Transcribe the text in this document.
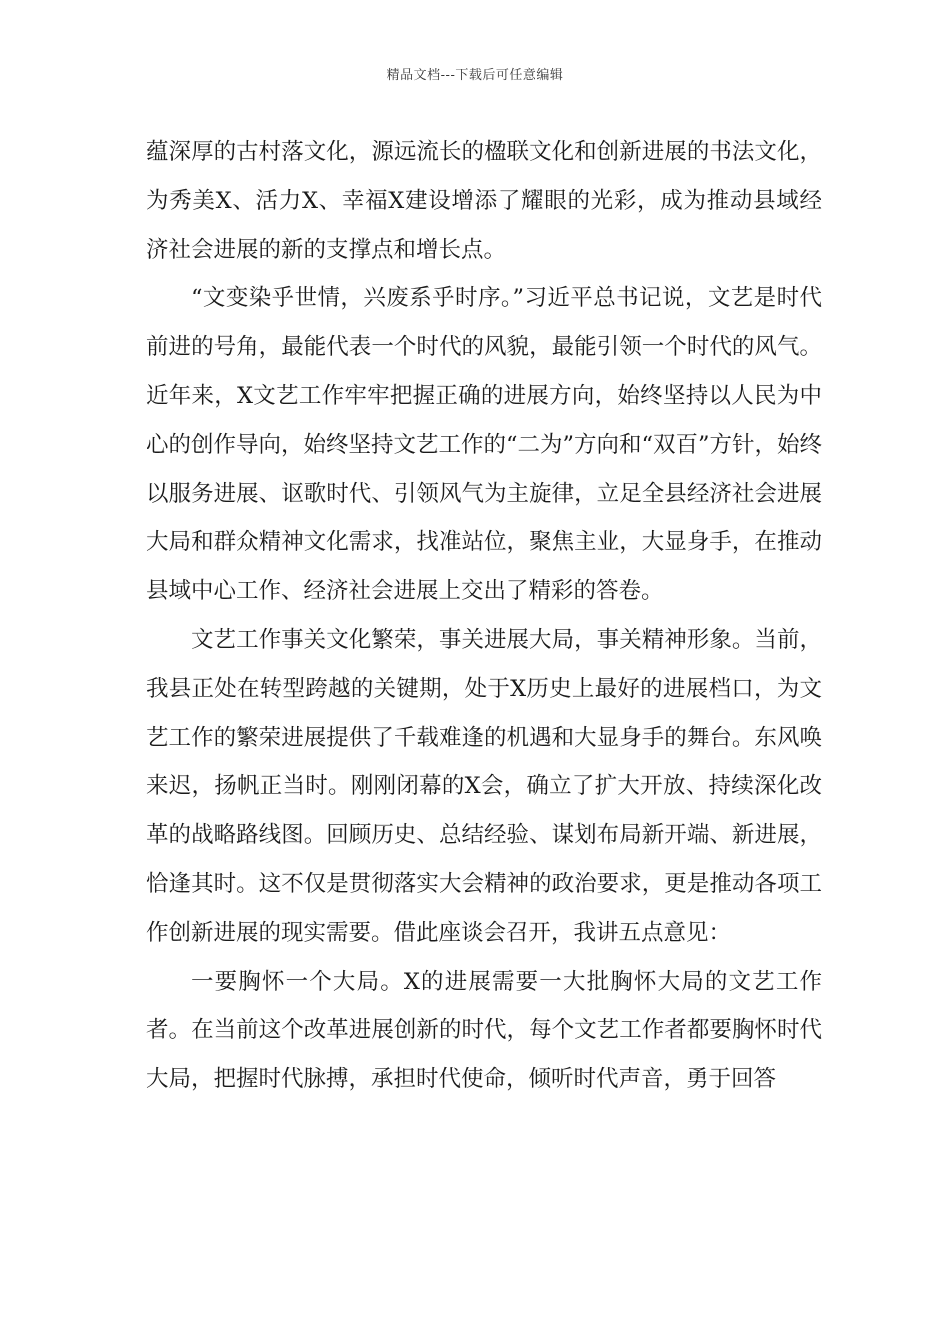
精品文档---下载后可任意编辑

蕴深厚的古村落文化，源远流长的楹联文化和创新进展的书法文化，为秀美X、活力X、幸福X建设增添了耀眼的光彩，成为推动县域经济社会进展的新的支撑点和增长点。

“文变染乎世情，兴废系乎时序。”习近平总书记说，文艺是时代前进的号角，最能代表一个时代的风貌，最能引领一个时代的风气。近年来，X文艺工作牢牢把握正确的进展方向，始终坚持以人民为中心的创作导向，始终坚持文艺工作的“二为”方向和“双百”方针，始终以服务进展、讴歌时代、引领风气为主旋律，立足全县经济社会进展大局和群众精神文化需求，找准站位，聚焦主业，大显身手，在推动县域中心工作、经济社会进展上交出了精彩的答卷。

文艺工作事关文化繁荣，事关进展大局，事关精神形象。当前，我县正处在转型跨越的关键期，处于X历史上最好的进展档口，为文艺工作的繁荣进展提供了千载难逢的机遇和大显身手的舞台。东风唤来迟，扬帆正当时。刚刚闭幕的X会，确立了扩大开放、持续深化改革的战略路线图。回顾历史、总结经验、谋划布局新开端、新进展，恰逢其时。这不仅是贯彻落实大会精神的政治要求，更是推动各项工作创新进展的现实需要。借此座谈会召开，我讲五点意见：

一要胸怀一个大局。X的进展需要一大批胸怀大局的文艺工作者。在当前这个改革进展创新的时代，每个文艺工作者都要胸怀时代大局，把握时代脉搏，承担时代使命，倾听时代声音，勇于回答
